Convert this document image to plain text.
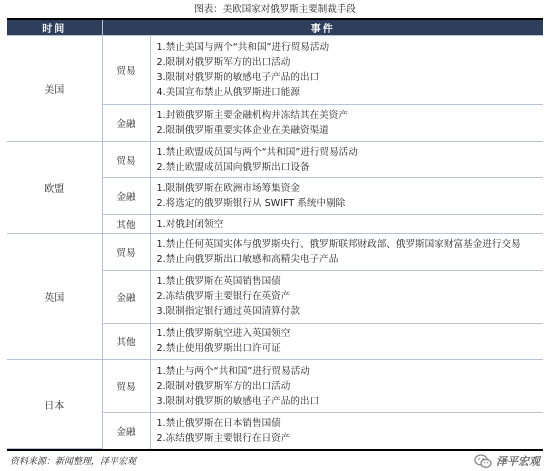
图表：美欧国家对俄罗斯主要制裁手段
时间	事件	
美国	贸易	1.禁止美国与两个“共和国”进行贸易活动
2.限制对俄罗斯军方的出口活动
3.限制对俄罗斯的敏感电子产品的出口
4.美国宣布禁止从俄罗斯进口能源

	金融	1.封锁俄罗斯主要金融机构并冻结其在美资产
2.限制俄罗斯重要实体企业在美融资渠道

欧盟	贸易	1.禁止欧盟成员国与两个“共和国”进行贸易活动
2.禁止欧盟成员国向俄罗斯出口设备

	金融	1.限制俄罗斯在欧洲市场筹集资金
2.将选定的俄罗斯银行从 SWIFT 系统中剔除

	其他	1.对俄封闭领空

英国	贸易	1.禁止任何英国实体与俄罗斯央行、俄罗斯联邦财政部、俄罗斯国家财富基金进行交易
2.禁止向俄罗斯出口敏感和高精尖电子产品

	金融	1.禁止俄罗斯在英国销售国债
2.冻结俄罗斯主要银行在英资产
3.限制指定银行通过英国清算付款

	其他	1.禁止俄罗斯航空进入英国领空
2.禁止使用俄罗斯出口许可证

日本	贸易	1.禁止与两个“共和国”进行贸易活动
2.限制对俄罗斯军方的出口活动
3.限制对俄罗斯的敏感电子产品的出口

	金融	1.禁止俄罗斯在日本销售国债
2.冻结俄罗斯主要银行在日资产
资料来源：新闻整理，泽平宏观	泽平宏观
